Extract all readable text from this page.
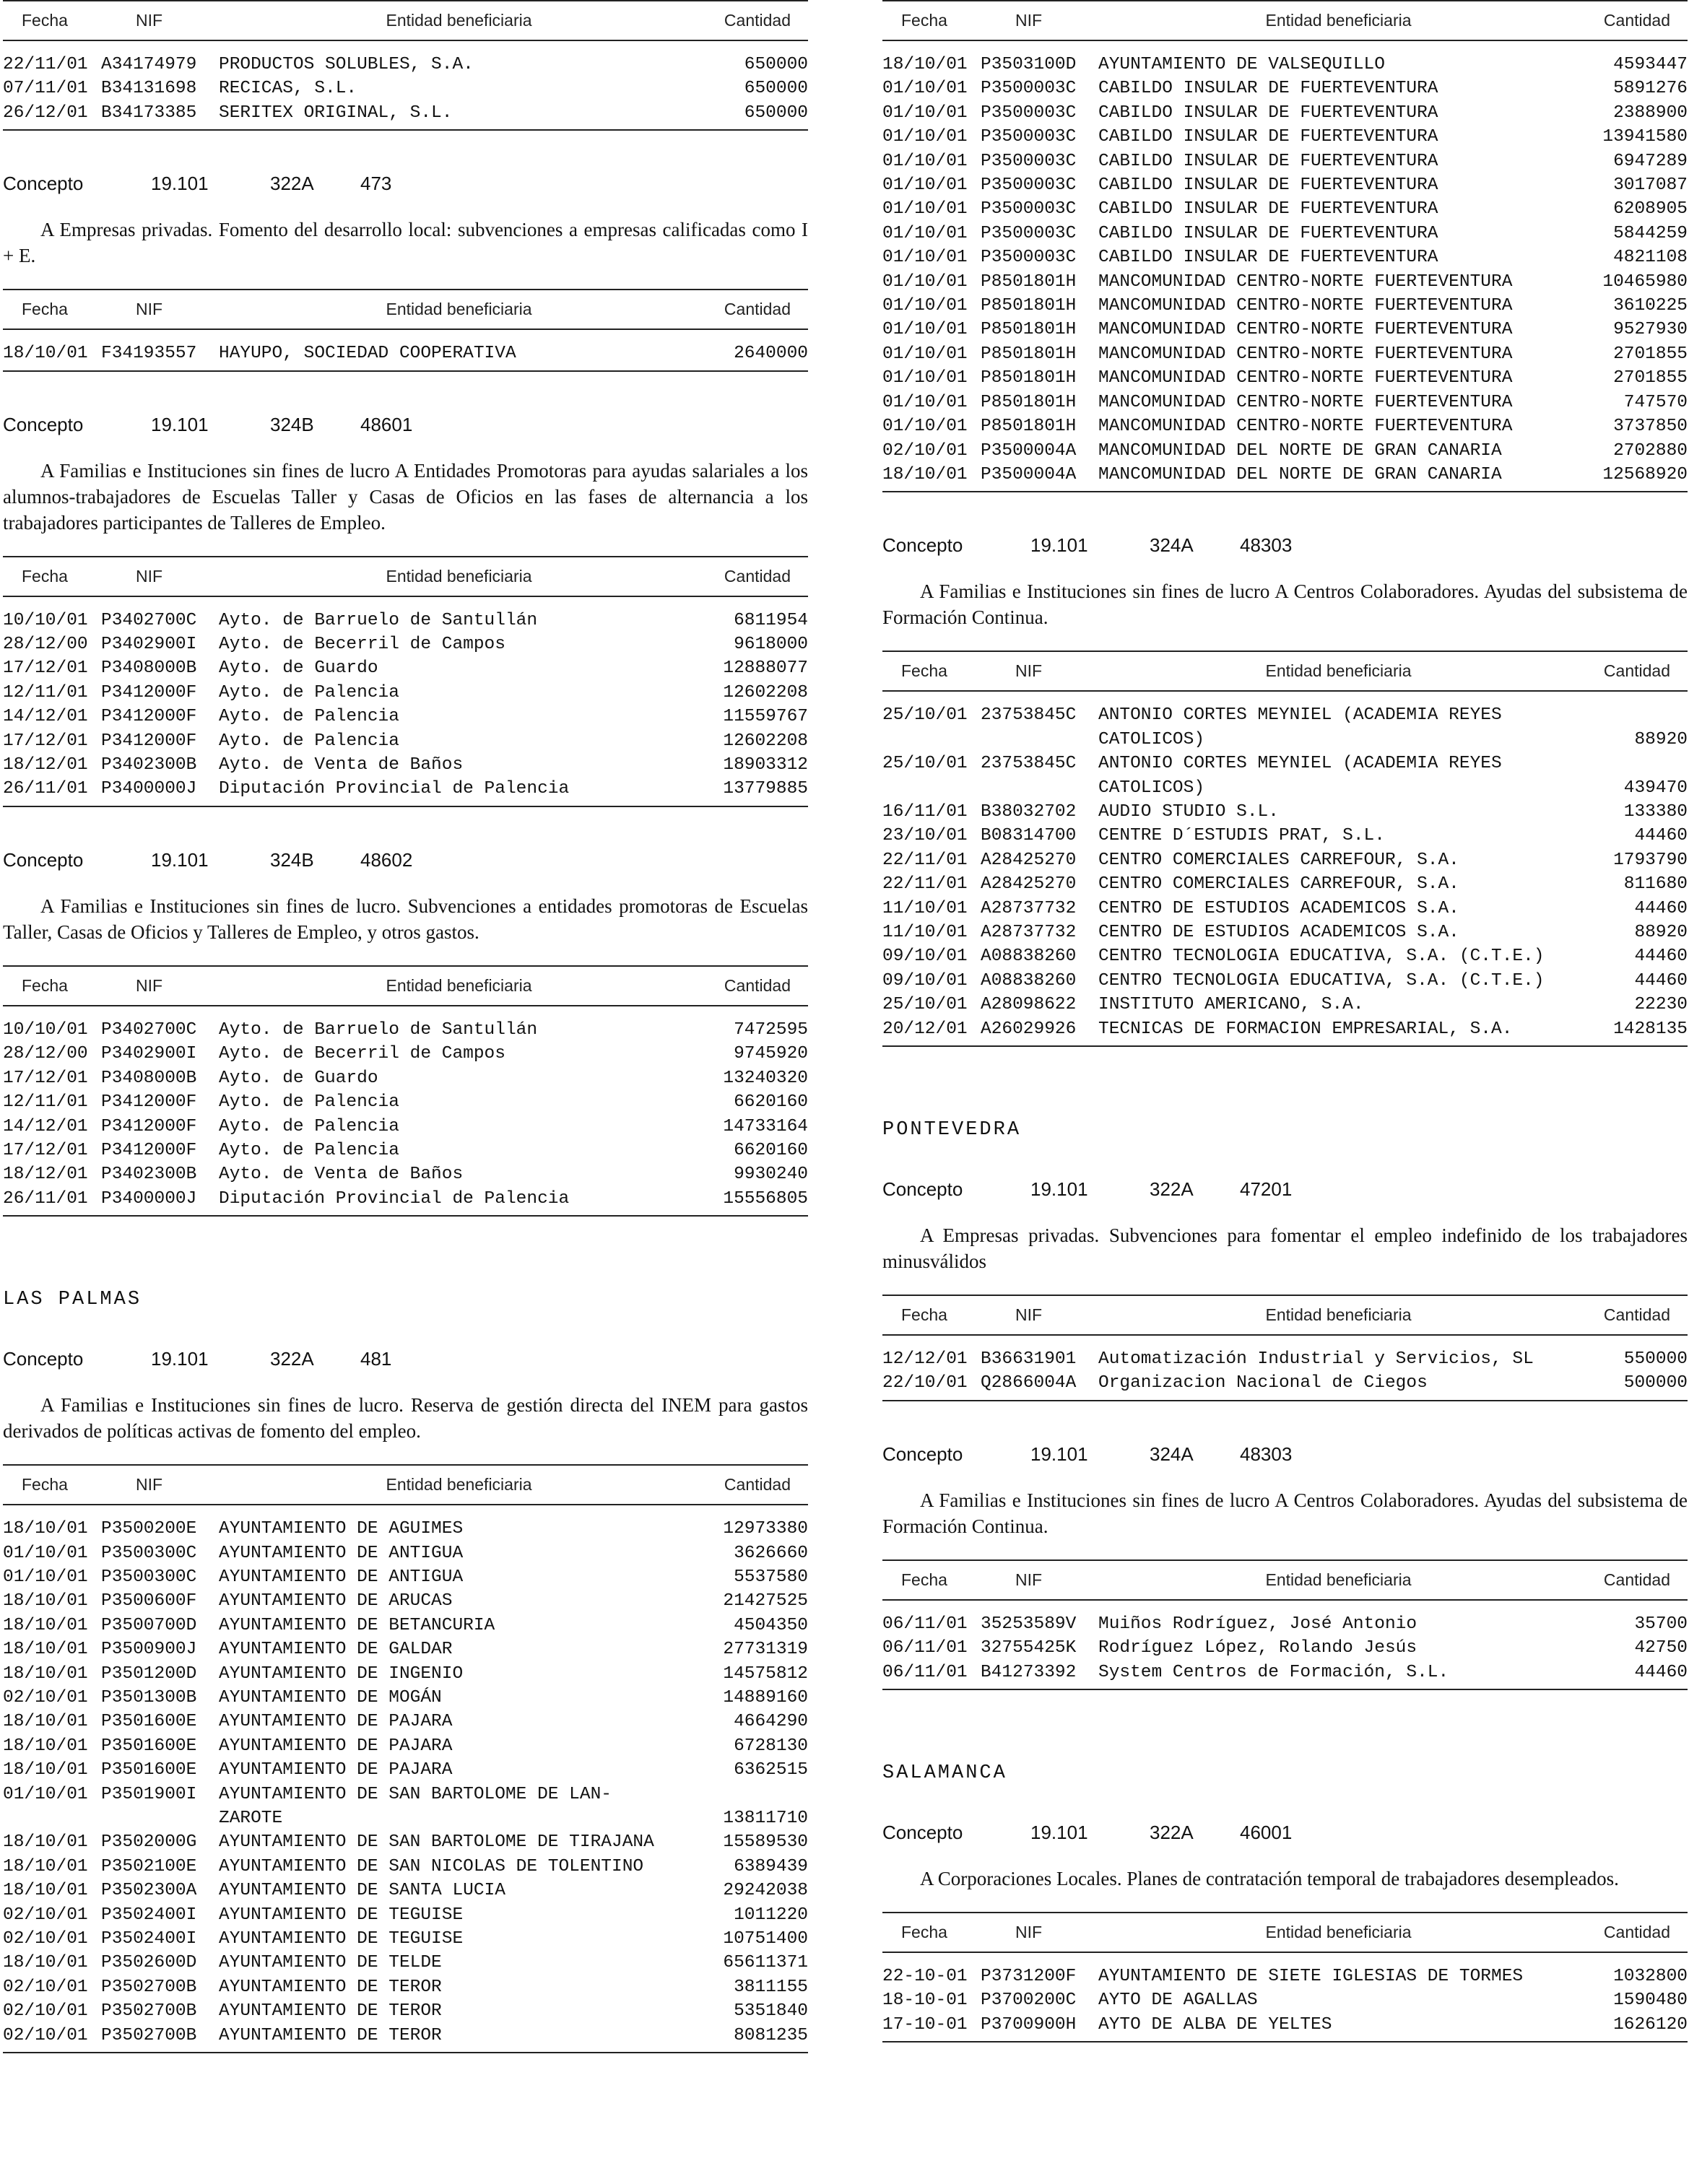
Fecha	NIF	Entidad beneficiaria	Cantidad
22/11/01 A34174979	PRODUCTOS SOLUBLES, S.A.	650000
07/11/01 B34131698	RECICAS, S.L.	650000
26/12/01 B34173385	SERITEX ORIGINAL, S.L.	650000
Concepto	19.101	322A	473
A Empresas privadas. Fomento del desarrollo local: subvenciones a empresas calificadas como I + E.
Fecha	NIF	Entidad beneficiaria	Cantidad
18/10/01 F34193557	HAYUPO, SOCIEDAD COOPERATIVA	2640000
Concepto	19.101	324B	48601
A Familias e Instituciones sin fines de lucro A Entidades Promotoras para ayudas salariales a los alumnos-trabajadores de Escuelas Taller y Casas de Oficios en las fases de alternancia a los trabajadores participantes de Talleres de Empleo.
Fecha	NIF	Entidad beneficiaria	Cantidad
10/10/01 P3402700C	Ayto. de Barruelo de Santullán	6811954
28/12/00 P3402900I	Ayto. de Becerril de Campos	9618000
17/12/01 P3408000B	Ayto. de Guardo	12888077
12/11/01 P3412000F	Ayto. de Palencia	12602208
14/12/01 P3412000F	Ayto. de Palencia	11559767
17/12/01 P3412000F	Ayto. de Palencia	12602208
18/12/01 P3402300B	Ayto. de Venta de Baños	18903312
26/11/01 P3400000J	Diputación Provincial de Palencia	13779885
Concepto	19.101	324B	48602
A Familias e Instituciones sin fines de lucro. Subvenciones a entidades promotoras de Escuelas Taller, Casas de Oficios y Talleres de Empleo, y otros gastos.
Fecha	NIF	Entidad beneficiaria	Cantidad
10/10/01 P3402700C	Ayto. de Barruelo de Santullán	7472595
28/12/00 P3402900I	Ayto. de Becerril de Campos	9745920
17/12/01 P3408000B	Ayto. de Guardo	13240320
12/11/01 P3412000F	Ayto. de Palencia	6620160
14/12/01 P3412000F	Ayto. de Palencia	14733164
17/12/01 P3412000F	Ayto. de Palencia	6620160
18/12/01 P3402300B	Ayto. de Venta de Baños	9930240
26/11/01 P3400000J	Diputación Provincial de Palencia	15556805
LAS PALMAS
Concepto	19.101	322A	481
A Familias e Instituciones sin fines de lucro. Reserva de gestión directa del INEM para gastos derivados de políticas activas de fomento del empleo.
Fecha	NIF	Entidad beneficiaria	Cantidad
18/10/01 P3500200E	AYUNTAMIENTO DE AGUIMES	12973380
01/10/01 P3500300C	AYUNTAMIENTO DE ANTIGUA	3626660
01/10/01 P3500300C	AYUNTAMIENTO DE ANTIGUA	5537580
18/10/01 P3500600F	AYUNTAMIENTO DE ARUCAS	21427525
18/10/01 P3500700D	AYUNTAMIENTO DE BETANCURIA	4504350
18/10/01 P3500900J	AYUNTAMIENTO DE GALDAR	27731319
18/10/01 P3501200D	AYUNTAMIENTO DE INGENIO	14575812
02/10/01 P3501300B	AYUNTAMIENTO DE MOGÁN	14889160
18/10/01 P3501600E	AYUNTAMIENTO DE PAJARA	4664290
18/10/01 P3501600E	AYUNTAMIENTO DE PAJARA	6728130
18/10/01 P3501600E	AYUNTAMIENTO DE PAJARA	6362515
01/10/01 P3501900I	AYUNTAMIENTO DE SAN BARTOLOME DE LAN-
ZAROTE	13811710
18/10/01 P3502000G	AYUNTAMIENTO DE SAN BARTOLOME DE TIRAJANA	15589530
18/10/01 P3502100E	AYUNTAMIENTO DE SAN NICOLAS DE TOLENTINO	6389439
18/10/01 P3502300A	AYUNTAMIENTO DE SANTA LUCIA	29242038
02/10/01 P3502400I	AYUNTAMIENTO DE TEGUISE	1011220
02/10/01 P3502400I	AYUNTAMIENTO DE TEGUISE	10751400
18/10/01 P3502600D	AYUNTAMIENTO DE TELDE	65611371
02/10/01 P3502700B	AYUNTAMIENTO DE TEROR	3811155
02/10/01 P3502700B	AYUNTAMIENTO DE TEROR	5351840
02/10/01 P3502700B	AYUNTAMIENTO DE TEROR	8081235
Fecha	NIF	Entidad beneficiaria	Cantidad
18/10/01 P3503100D	AYUNTAMIENTO DE VALSEQUILLO	4593447
01/10/01 P3500003C	CABILDO INSULAR DE FUERTEVENTURA	5891276
01/10/01 P3500003C	CABILDO INSULAR DE FUERTEVENTURA	2388900
01/10/01 P3500003C	CABILDO INSULAR DE FUERTEVENTURA	13941580
01/10/01 P3500003C	CABILDO INSULAR DE FUERTEVENTURA	6947289
01/10/01 P3500003C	CABILDO INSULAR DE FUERTEVENTURA	3017087
01/10/01 P3500003C	CABILDO INSULAR DE FUERTEVENTURA	6208905
01/10/01 P3500003C	CABILDO INSULAR DE FUERTEVENTURA	5844259
01/10/01 P3500003C	CABILDO INSULAR DE FUERTEVENTURA	4821108
01/10/01 P8501801H	MANCOMUNIDAD CENTRO-NORTE FUERTEVENTURA	10465980
01/10/01 P8501801H	MANCOMUNIDAD CENTRO-NORTE FUERTEVENTURA	3610225
01/10/01 P8501801H	MANCOMUNIDAD CENTRO-NORTE FUERTEVENTURA	9527930
01/10/01 P8501801H	MANCOMUNIDAD CENTRO-NORTE FUERTEVENTURA	2701855
01/10/01 P8501801H	MANCOMUNIDAD CENTRO-NORTE FUERTEVENTURA	2701855
01/10/01 P8501801H	MANCOMUNIDAD CENTRO-NORTE FUERTEVENTURA	747570
01/10/01 P8501801H	MANCOMUNIDAD CENTRO-NORTE FUERTEVENTURA	3737850
02/10/01 P3500004A	MANCOMUNIDAD DEL NORTE DE GRAN CANARIA	2702880
18/10/01 P3500004A	MANCOMUNIDAD DEL NORTE DE GRAN CANARIA	12568920
Concepto	19.101	324A	48303
A Familias e Instituciones sin fines de lucro A Centros Colaboradores. Ayudas del subsistema de Formación Continua.
Fecha	NIF	Entidad beneficiaria	Cantidad
25/10/01 23753845C	ANTONIO CORTES MEYNIEL (ACADEMIA REYES
CATOLICOS)	88920
25/10/01 23753845C	ANTONIO CORTES MEYNIEL (ACADEMIA REYES
CATOLICOS)	439470
16/11/01 B38032702	AUDIO STUDIO S.L.	133380
23/10/01 B08314700	CENTRE D´ESTUDIS PRAT, S.L.	44460
22/11/01 A28425270	CENTRO COMERCIALES CARREFOUR, S.A.	1793790
22/11/01 A28425270	CENTRO COMERCIALES CARREFOUR, S.A.	811680
11/10/01 A28737732	CENTRO DE ESTUDIOS ACADEMICOS S.A.	44460
11/10/01 A28737732	CENTRO DE ESTUDIOS ACADEMICOS S.A.	88920
09/10/01 A08838260	CENTRO TECNOLOGIA EDUCATIVA, S.A. (C.T.E.)	44460
09/10/01 A08838260	CENTRO TECNOLOGIA EDUCATIVA, S.A. (C.T.E.)	44460
25/10/01 A28098622	INSTITUTO AMERICANO, S.A.	22230
20/12/01 A26029926	TECNICAS DE FORMACION EMPRESARIAL, S.A.	1428135
PONTEVEDRA
Concepto	19.101	322A	47201
A Empresas privadas. Subvenciones para fomentar el empleo indefinido de los trabajadores minusválidos
Fecha	NIF	Entidad beneficiaria	Cantidad
12/12/01 B36631901	Automatización Industrial y Servicios, SL	550000
22/10/01 Q2866004A	Organizacion Nacional de Ciegos	500000
Concepto	19.101	324A	48303
A Familias e Instituciones sin fines de lucro A Centros Colaboradores. Ayudas del subsistema de Formación Continua.
Fecha	NIF	Entidad beneficiaria	Cantidad
06/11/01 35253589V	Muiños Rodríguez, José Antonio	35700
06/11/01 32755425K	Rodríguez López, Rolando Jesús	42750
06/11/01 B41273392	System Centros de Formación, S.L.	44460
SALAMANCA
Concepto	19.101	322A	46001
A Corporaciones Locales. Planes de contratación temporal de trabajadores desempleados.
Fecha	NIF	Entidad beneficiaria	Cantidad
22-10-01 P3731200F	AYUNTAMIENTO DE SIETE IGLESIAS DE TORMES	1032800
18-10-01 P3700200C	AYTO DE AGALLAS	1590480
17-10-01 P3700900H	AYTO DE ALBA DE YELTES	1626120
